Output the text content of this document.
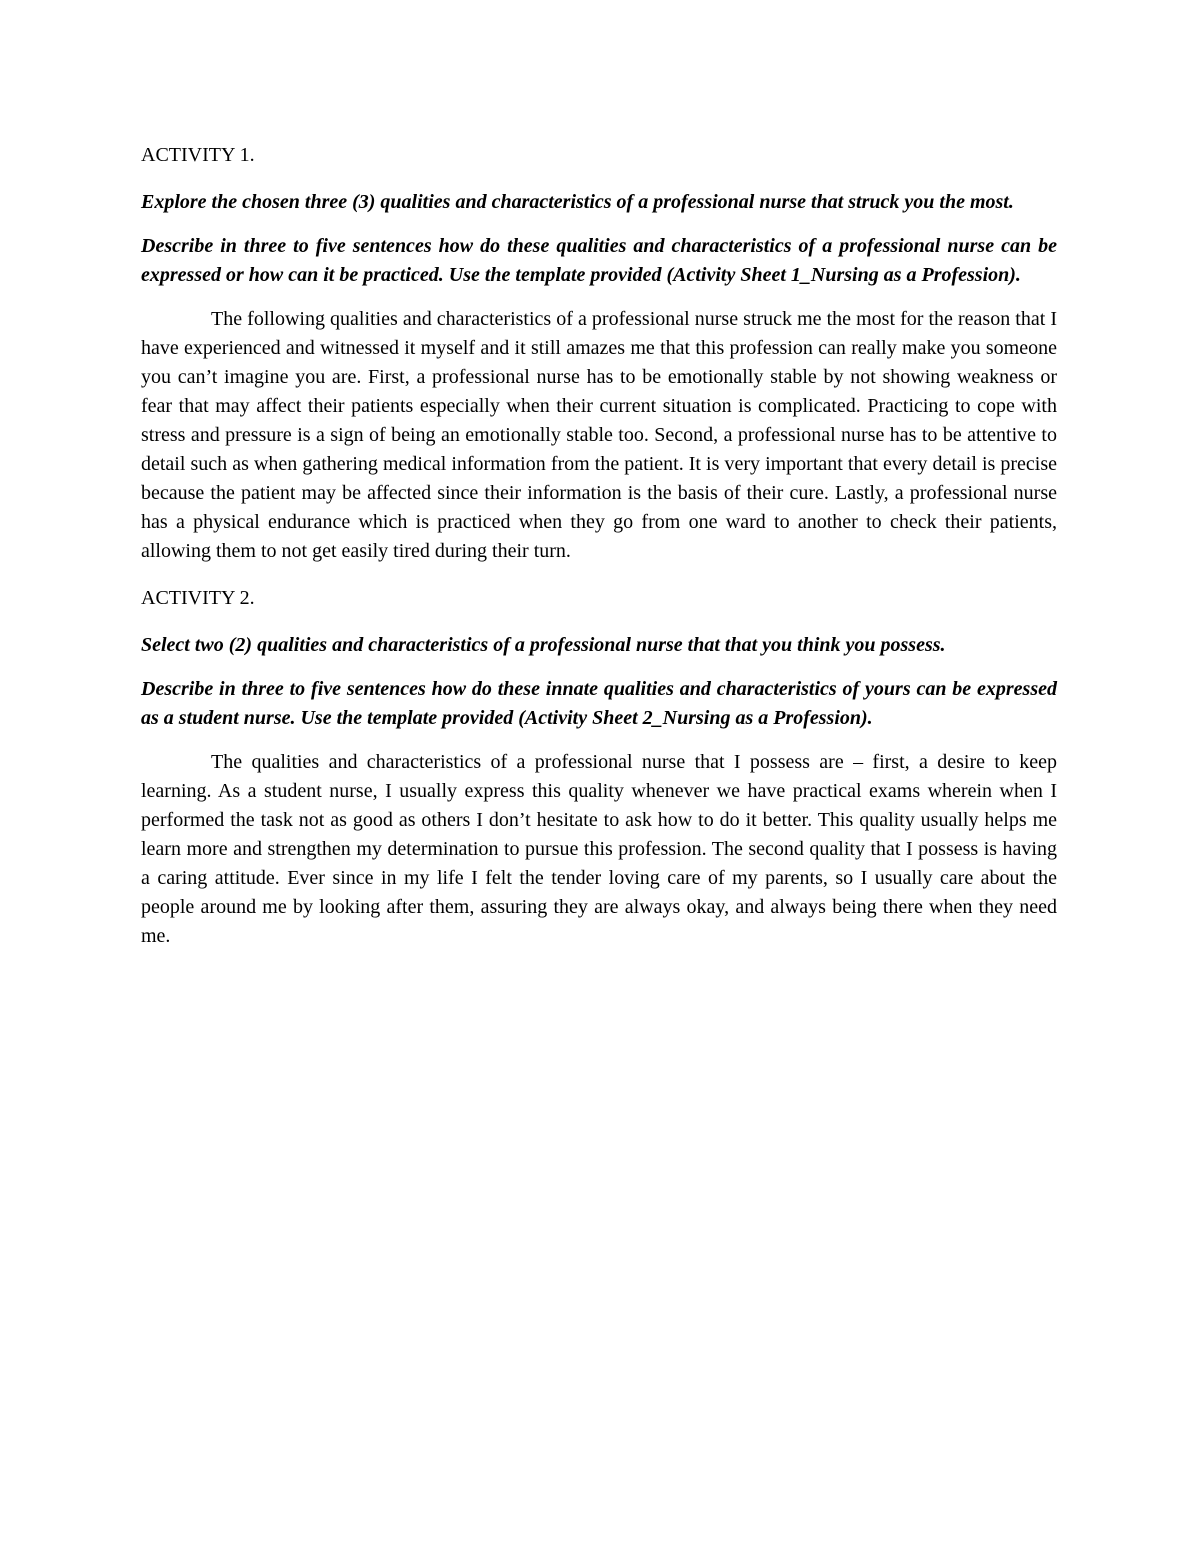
ACTIVITY 1.

Explore the chosen three (3) qualities and characteristics of a professional nurse that struck you the most.

Describe in three to five sentences how do these qualities and characteristics of a professional nurse can be expressed or how can it be practiced. Use the template provided (Activity Sheet 1_Nursing as a Profession).

The following qualities and characteristics of a professional nurse struck me the most for the reason that I have experienced and witnessed it myself and it still amazes me that this profession can really make you someone you can’t imagine you are. First, a professional nurse has to be emotionally stable by not showing weakness or fear that may affect their patients especially when their current situation is complicated. Practicing to cope with stress and pressure is a sign of being an emotionally stable too. Second, a professional nurse has to be attentive to detail such as when gathering medical information from the patient. It is very important that every detail is precise because the patient may be affected since their information is the basis of their cure. Lastly, a professional nurse has a physical endurance which is practiced when they go from one ward to another to check their patients, allowing them to not get easily tired during their turn.

ACTIVITY 2.

Select two (2) qualities and characteristics of a professional nurse that that you think you possess.

Describe in three to five sentences how do these innate qualities and characteristics of yours can be expressed as a student nurse. Use the template provided (Activity Sheet 2_Nursing as a Profession).

The qualities and characteristics of a professional nurse that I possess are – first, a desire to keep learning. As a student nurse, I usually express this quality whenever we have practical exams wherein when I performed the task not as good as others I don’t hesitate to ask how to do it better. This quality usually helps me learn more and strengthen my determination to pursue this profession. The second quality that I possess is having a caring attitude. Ever since in my life I felt the tender loving care of my parents, so I usually care about the people around me by looking after them, assuring they are always okay, and always being there when they need me.
